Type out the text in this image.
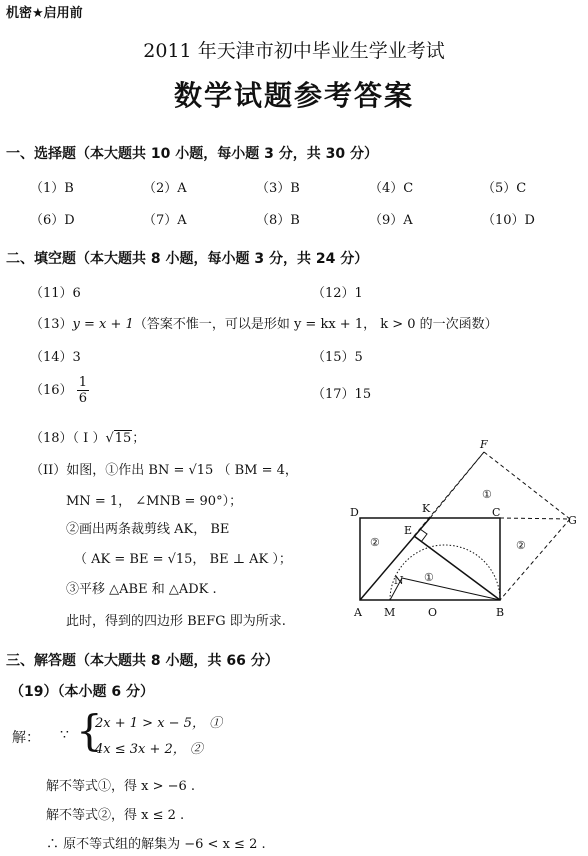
机密★启用前
2011 年天津市初中毕业生学业考试
数学试题参考答案
一、选择题（本大题共 10 小题，每小题 3 分，共 30 分）
（1）B	（2）A	（3）B	（4）C	（5）C
（6）D	（7）A	（8）B	（9）A	（10）D
二、填空题（本大题共 8 小题，每小题 3 分，共 24 分）
（11）6	（12）1
（13）y = x + 1（答案不惟一，可以是形如 y = kx + 1， k > 0 的一次函数）
（14）3	（15）5
$(16) \frac{1}{6}$	（17）15
（18）（ I ）√15；
（II）如图，①作出 BN = √15 （ BM = 4，
MN = 1， ∠MNB = 90°）；
②画出两条裁剪线 AK， BE
（ AK = BE = √15， BE ⊥ AK ）；
③平移 △ABE 和 △ADK .
此时，得到的四边形 BEFG 即为所求.
F
D	K	C
G
E
N
A M	O	B
①
②
②
①
三、解答题（本大题共 8 小题，共 66 分）
（19）（本小题 6 分）
解： ∵ {
2x + 1 > x − 5， ①
4x ≤ 3x + 2， ②
解不等式①，得 x > −6 .
解不等式②，得 x ≤ 2 .
∴ 原不等式组的解集为 −6 < x ≤ 2 .
